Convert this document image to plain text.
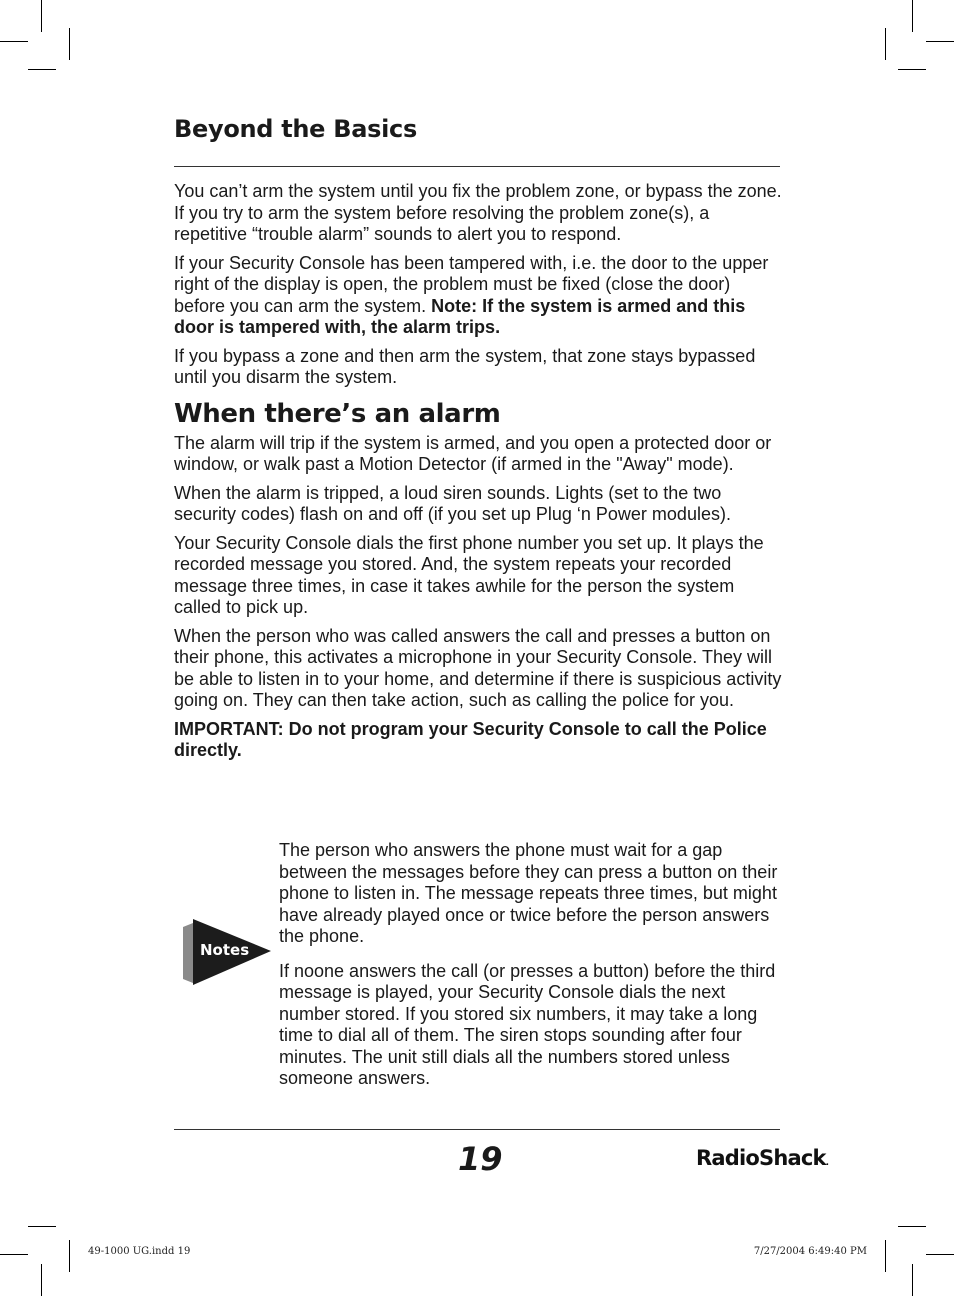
Beyond the Basics

You can’t arm the system until you fix the problem zone, or bypass the zone. If you try to arm the system before resolving the problem zone(s), a repetitive “trouble alarm” sounds to alert you to respond.

If your Security Console has been tampered with, i.e. the door to the upper right of the display is open, the problem must be fixed (close the door) before you can arm the system. Note: If the system is armed and this door is tampered with, the alarm trips.

If you bypass a zone and then arm the system, that zone stays bypassed until you disarm the system.

When there’s an alarm

The alarm will trip if the system is armed, and you open a protected door or window, or walk past a Motion Detector (if armed in the "Away" mode).

When the alarm is tripped, a loud siren sounds. Lights (set to the two security codes) flash on and off (if you set up Plug ‘n Power modules).

Your Security Console dials the first phone number you set up. It plays the recorded message you stored. And, the system repeats your recorded message three times, in case it takes awhile for the person the system called to pick up.

When the person who was called answers the call and presses a button on their phone, this activates a microphone in your Security Console. They will be able to listen in to your home, and determine if there is suspicious activity going on. They can then take action, such as calling the police for you.

IMPORTANT: Do not program your Security Console to call the Police directly.

Notes

The person who answers the phone must wait for a gap between the messages before they can press a button on their phone to listen in. The message repeats three times, but might have already played once or twice before the person answers the phone.

If noone answers the call (or presses a button) before the third message is played, your Security Console dials the next number stored. If you stored six numbers, it may take a long time to dial all of them. The siren stops sounding after four minutes. The unit still dials all the numbers stored unless someone answers.

19	RadioShack.
49-1000 UG.indd 19	7/27/2004 6:49:40 PM
